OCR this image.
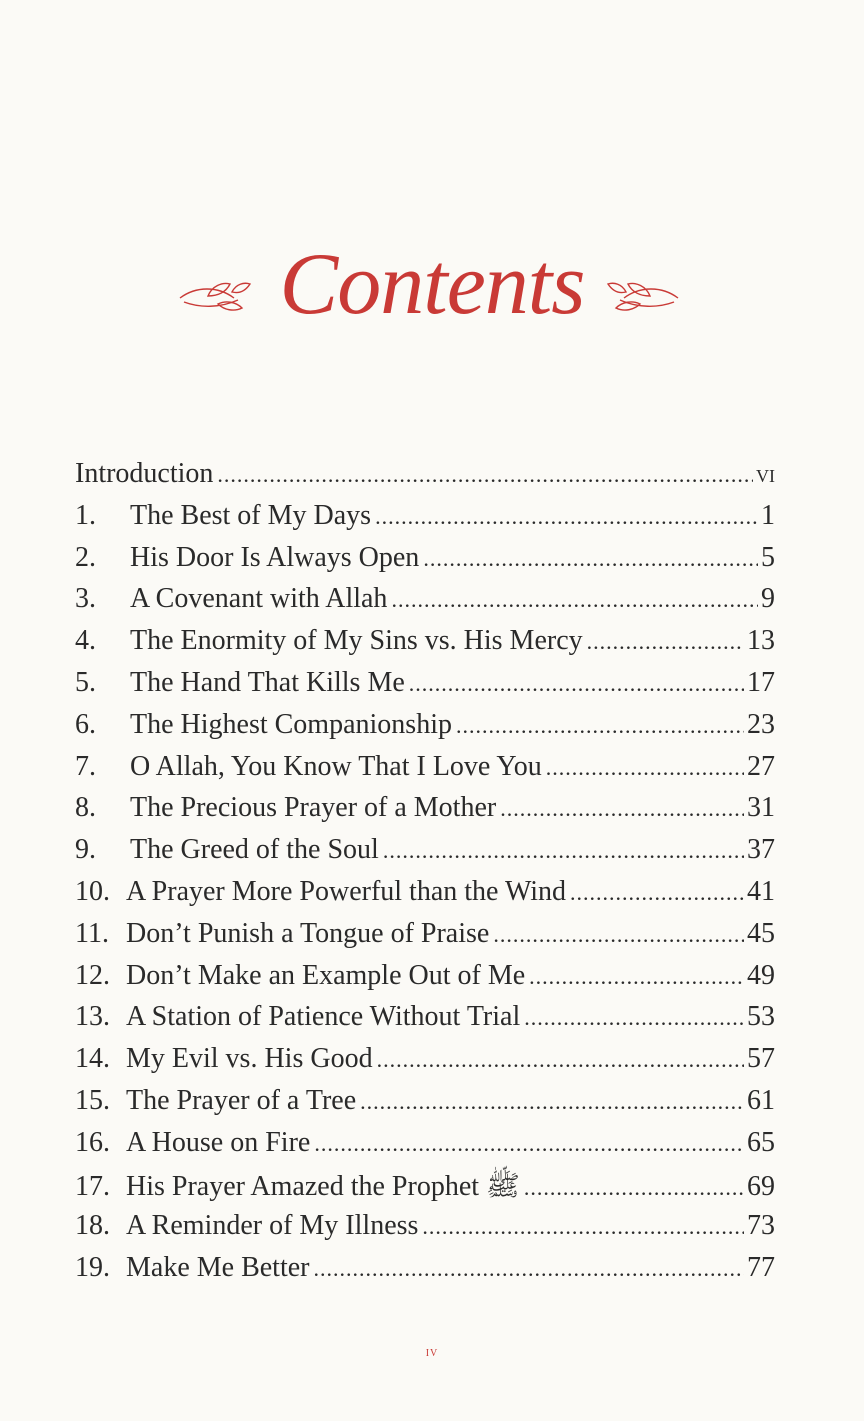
Contents
Introduction .....	vi
1.	The Best of My Days .....	1
2.	His Door Is Always Open .....	5
3.	A Covenant with Allah .....	9
4.	The Enormity of My Sins vs. His Mercy .....	13
5.	The Hand That Kills Me .....	17
6.	The Highest Companionship .....	23
7.	O Allah, You Know That I Love You .....	27
8.	The Precious Prayer of a Mother .....	31
9.	The Greed of the Soul .....	37
10. A Prayer More Powerful than the Wind .....	41
11. Don’t Punish a Tongue of Praise .....	45
12. Don’t Make an Example Out of Me .....	49
13. A Station of Patience Without Trial .....	53
14. My Evil vs. His Good .....	57
15. The Prayer of a Tree .....	61
16. A House on Fire .....	65
17. His Prayer Amazed the Prophet ﷺ .....	69
18. A Reminder of My Illness .....	73
19. Make Me Better .....	77
iv
